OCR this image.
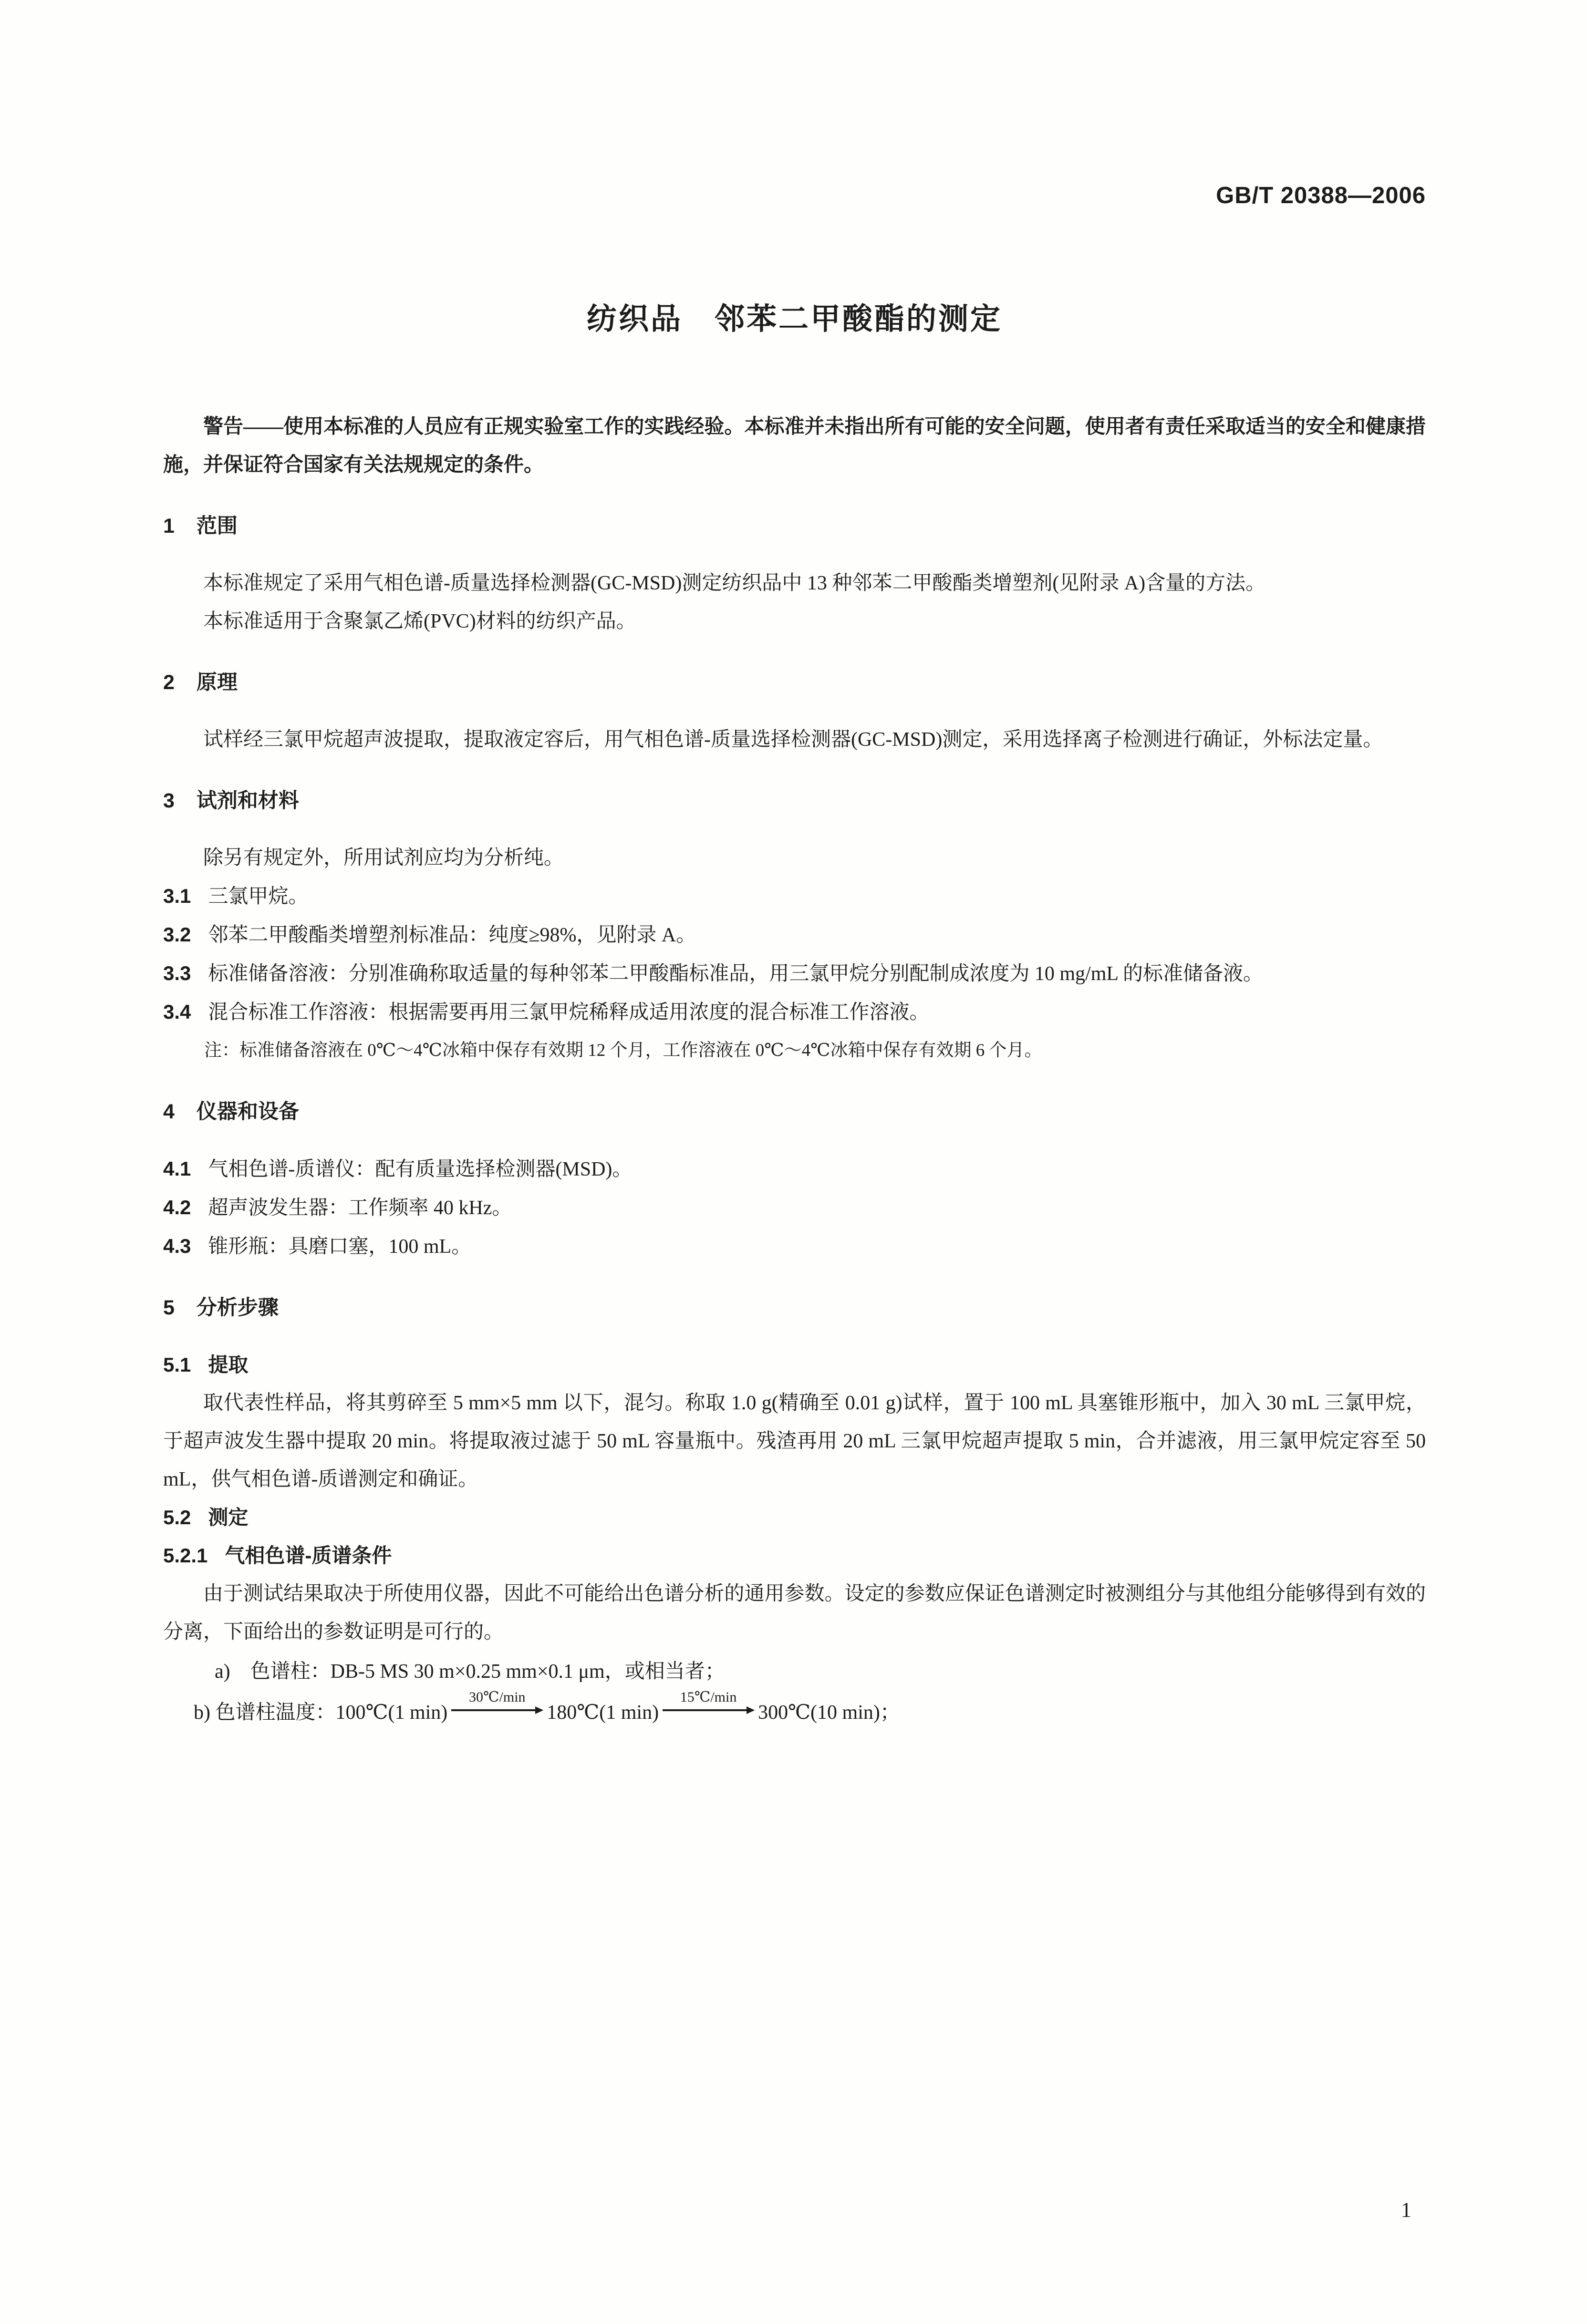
GB/T 20388—2006
纺织品　邻苯二甲酸酯的测定

警告——使用本标准的人员应有正规实验室工作的实践经验。本标准并未指出所有可能的安全问题，使用者有责任采取适当的安全和健康措施，并保证符合国家有关法规规定的条件。

1 范围

本标准规定了采用气相色谱-质量选择检测器(GC-MSD)测定纺织品中 13 种邻苯二甲酸酯类增塑剂(见附录 A)含量的方法。

本标准适用于含聚氯乙烯(PVC)材料的纺织产品。

2 原理

试样经三氯甲烷超声波提取，提取液定容后，用气相色谱-质量选择检测器(GC-MSD)测定，采用选择离子检测进行确证，外标法定量。

3 试剂和材料

除另有规定外，所用试剂应均为分析纯。

3.1 三氯甲烷。

3.2 邻苯二甲酸酯类增塑剂标准品：纯度≥98%，见附录 A。

3.3 标准储备溶液：分别准确称取适量的每种邻苯二甲酸酯标准品，用三氯甲烷分别配制成浓度为 10 mg/mL 的标准储备液。

3.4 混合标准工作溶液：根据需要再用三氯甲烷稀释成适用浓度的混合标准工作溶液。

注：标准储备溶液在 0℃～4℃冰箱中保存有效期 12 个月，工作溶液在 0℃～4℃冰箱中保存有效期 6 个月。

4 仪器和设备

4.1 气相色谱-质谱仪：配有质量选择检测器(MSD)。

4.2 超声波发生器：工作频率 40 kHz。

4.3 锥形瓶：具磨口塞，100 mL。

5 分析步骤

5.1 提取

取代表性样品，将其剪碎至 5 mm×5 mm 以下，混匀。称取 1.0 g(精确至 0.01 g)试样，置于 100 mL 具塞锥形瓶中，加入 30 mL 三氯甲烷，于超声波发生器中提取 20 min。将提取液过滤于 50 mL 容量瓶中。残渣再用 20 mL 三氯甲烷超声提取 5 min，合并滤液，用三氯甲烷定容至 50 mL，供气相色谱-质谱测定和确证。

5.2 测定

5.2.1 气相色谱-质谱条件

由于测试结果取决于所使用仪器，因此不可能给出色谱分析的通用参数。设定的参数应保证色谱测定时被测组分与其他组分能够得到有效的分离，下面给出的参数证明是可行的。

a)　色谱柱：DB-5 MS 30 m×0.25 mm×0.1 μm，或相当者；

b) 色谱柱温度：100℃(1 min)
30℃/min
180℃(1 min)
15℃/min
300℃(10 min)；

1
